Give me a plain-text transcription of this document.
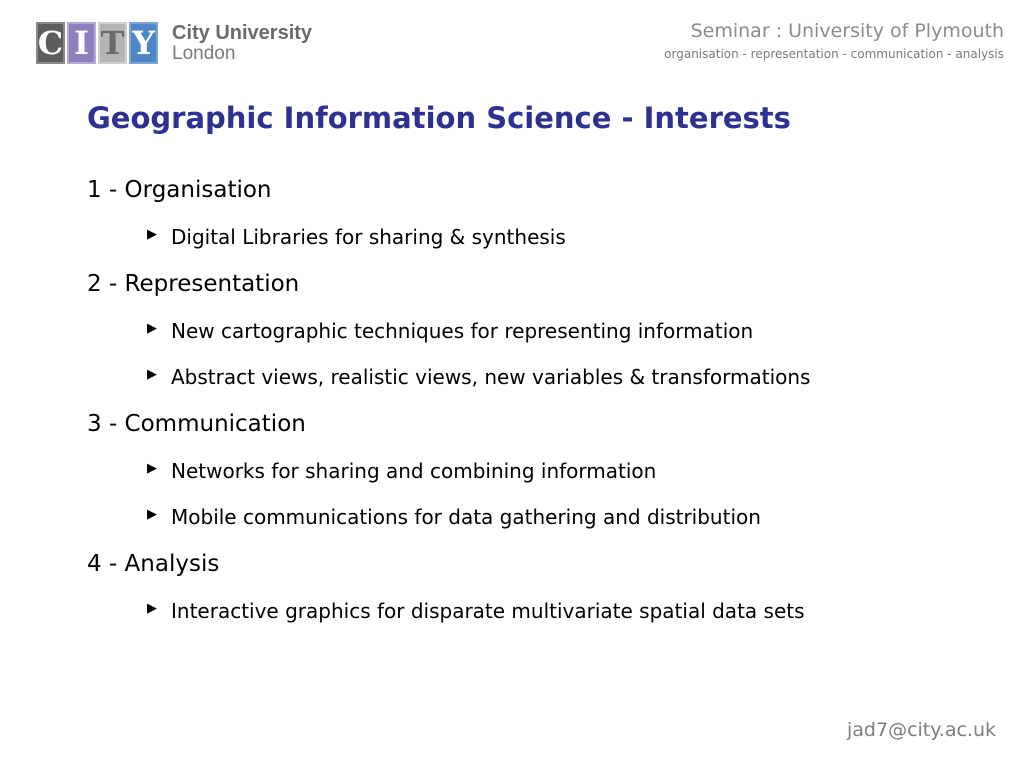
C I T Y City University
London
Seminar : University of Plymouth
organisation - representation - communication - analysis
Geographic Information Science - Interests
1 - Organisation
▶ Digital Libraries for sharing & synthesis
2 - Representation
▶ New cartographic techniques for representing information
▶ Abstract views, realistic views, new variables & transformations
3 - Communication
▶ Networks for sharing and combining information
▶ Mobile communications for data gathering and distribution
4 - Analysis
▶ Interactive graphics for disparate multivariate spatial data sets
jad7@city.ac.uk
